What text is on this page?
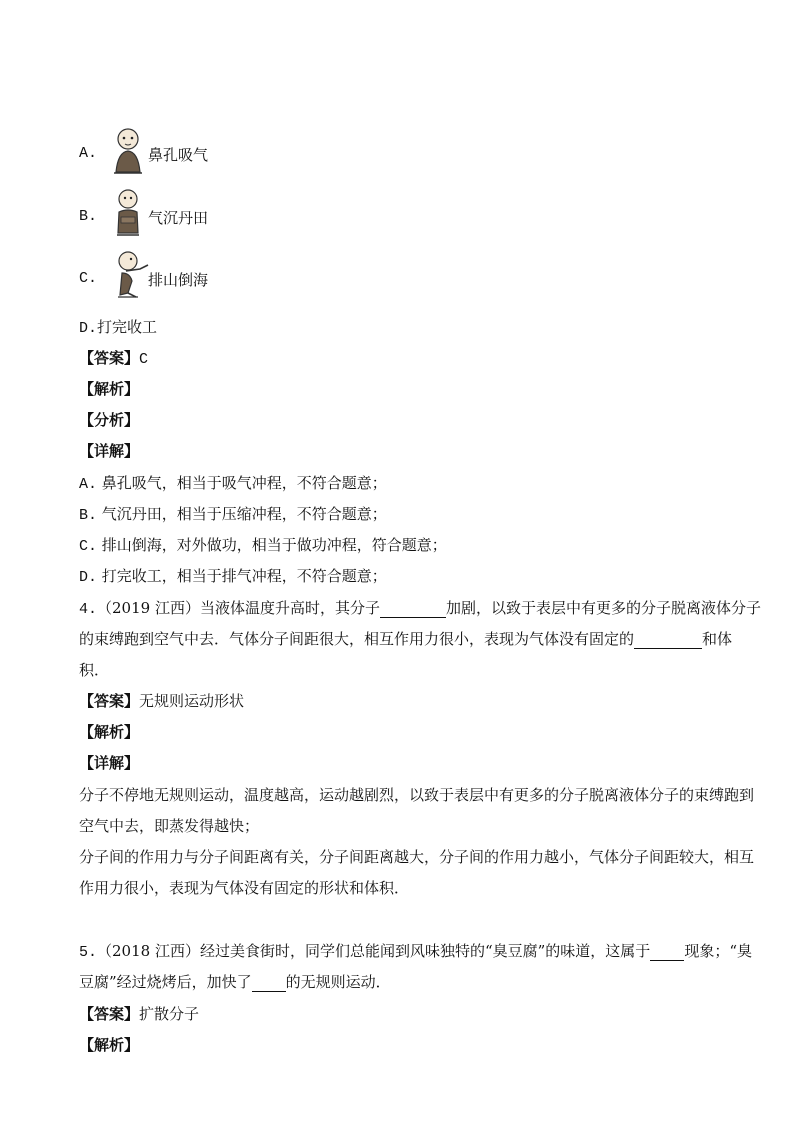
A.	鼻孔吸气
B.	气沉丹田
C.	排山倒海
D.打完收工
【答案】C
【解析】
【分析】
【详解】
A. 鼻孔吸气，相当于吸气冲程，不符合题意；
B. 气沉丹田，相当于压缩冲程，不符合题意；
C. 排山倒海，对外做功，相当于做功冲程，符合题意；
D. 打完收工，相当于排气冲程，不符合题意；
4.（2019 江西）当液体温度升高时，其分子	加剧，以致于表层中有更多的分子脱离液体分子
的束缚跑到空气中去．气体分子间距很大，相互作用力很小，表现为气体没有固定的	和体
积．
【答案】无规则运动形状
【解析】
【详解】
分子不停地无规则运动，温度越高，运动越剧烈，以致于表层中有更多的分子脱离液体分子的束缚跑到
空气中去，即蒸发得越快；
分子间的作用力与分子间距离有关，分子间距离越大，分子间的作用力越小，气体分子间距较大，相互
作用力很小，表现为气体没有固定的形状和体积．
5.（2018 江西）经过美食街时，同学们总能闻到风味独特的“臭豆腐”的味道，这属于 现象；“臭
豆腐”经过烧烤后，加快了 的无规则运动．
【答案】扩散分子
【解析】
